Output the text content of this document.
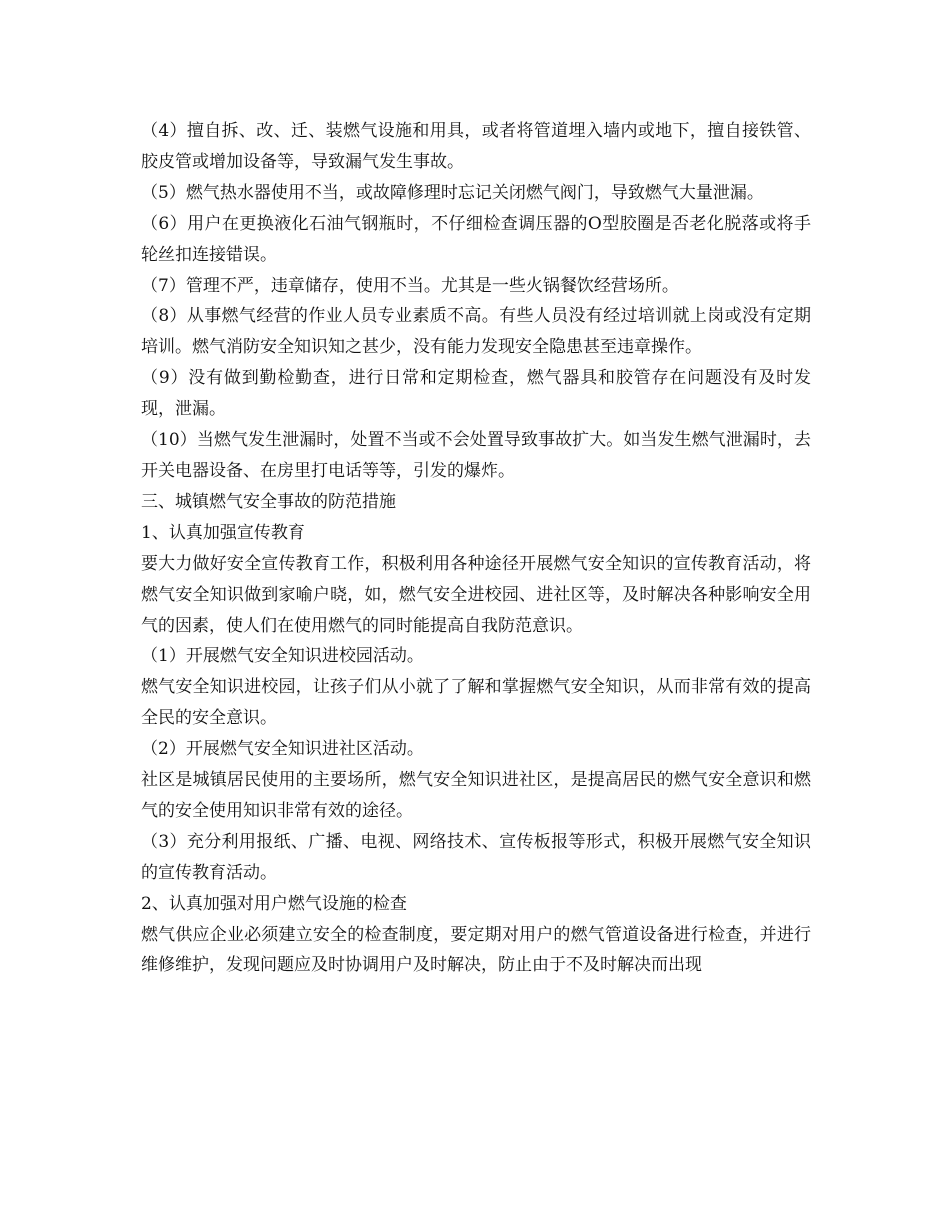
（4）擅自拆、改、迁、装燃气设施和用具，或者将管道埋入墙内或地下，擅自接铁管、胶皮管或增加设备等，导致漏气发生事故。

（5）燃气热水器使用不当，或故障修理时忘记关闭燃气阀门，导致燃气大量泄漏。

（6）用户在更换液化石油气钢瓶时，不仔细检查调压器的O型胶圈是否老化脱落或将手轮丝扣连接错误。

（7）管理不严，违章储存，使用不当。尤其是一些火锅餐饮经营场所。

（8）从事燃气经营的作业人员专业素质不高。有些人员没有经过培训就上岗或没有定期培训。燃气消防安全知识知之甚少，没有能力发现安全隐患甚至违章操作。

（9）没有做到勤检勤查，进行日常和定期检查，燃气器具和胶管存在问题没有及时发现，泄漏。

（10）当燃气发生泄漏时，处置不当或不会处置导致事故扩大。如当发生燃气泄漏时，去开关电器设备、在房里打电话等等，引发的爆炸。

三、城镇燃气安全事故的防范措施

1、认真加强宣传教育

要大力做好安全宣传教育工作，积极利用各种途径开展燃气安全知识的宣传教育活动，将燃气安全知识做到家喻户晓，如，燃气安全进校园、进社区等，及时解决各种影响安全用气的因素，使人们在使用燃气的同时能提高自我防范意识。

（1）开展燃气安全知识进校园活动。

燃气安全知识进校园，让孩子们从小就了了解和掌握燃气安全知识，从而非常有效的提高全民的安全意识。

（2）开展燃气安全知识进社区活动。

社区是城镇居民使用的主要场所，燃气安全知识进社区，是提高居民的燃气安全意识和燃气的安全使用知识非常有效的途径。

（3）充分利用报纸、广播、电视、网络技术、宣传板报等形式，积极开展燃气安全知识的宣传教育活动。

2、认真加强对用户燃气设施的检查

燃气供应企业必须建立安全的检查制度，要定期对用户的燃气管道设备进行检查，并进行维修维护，发现问题应及时协调用户及时解决，防止由于不及时解决而出现
